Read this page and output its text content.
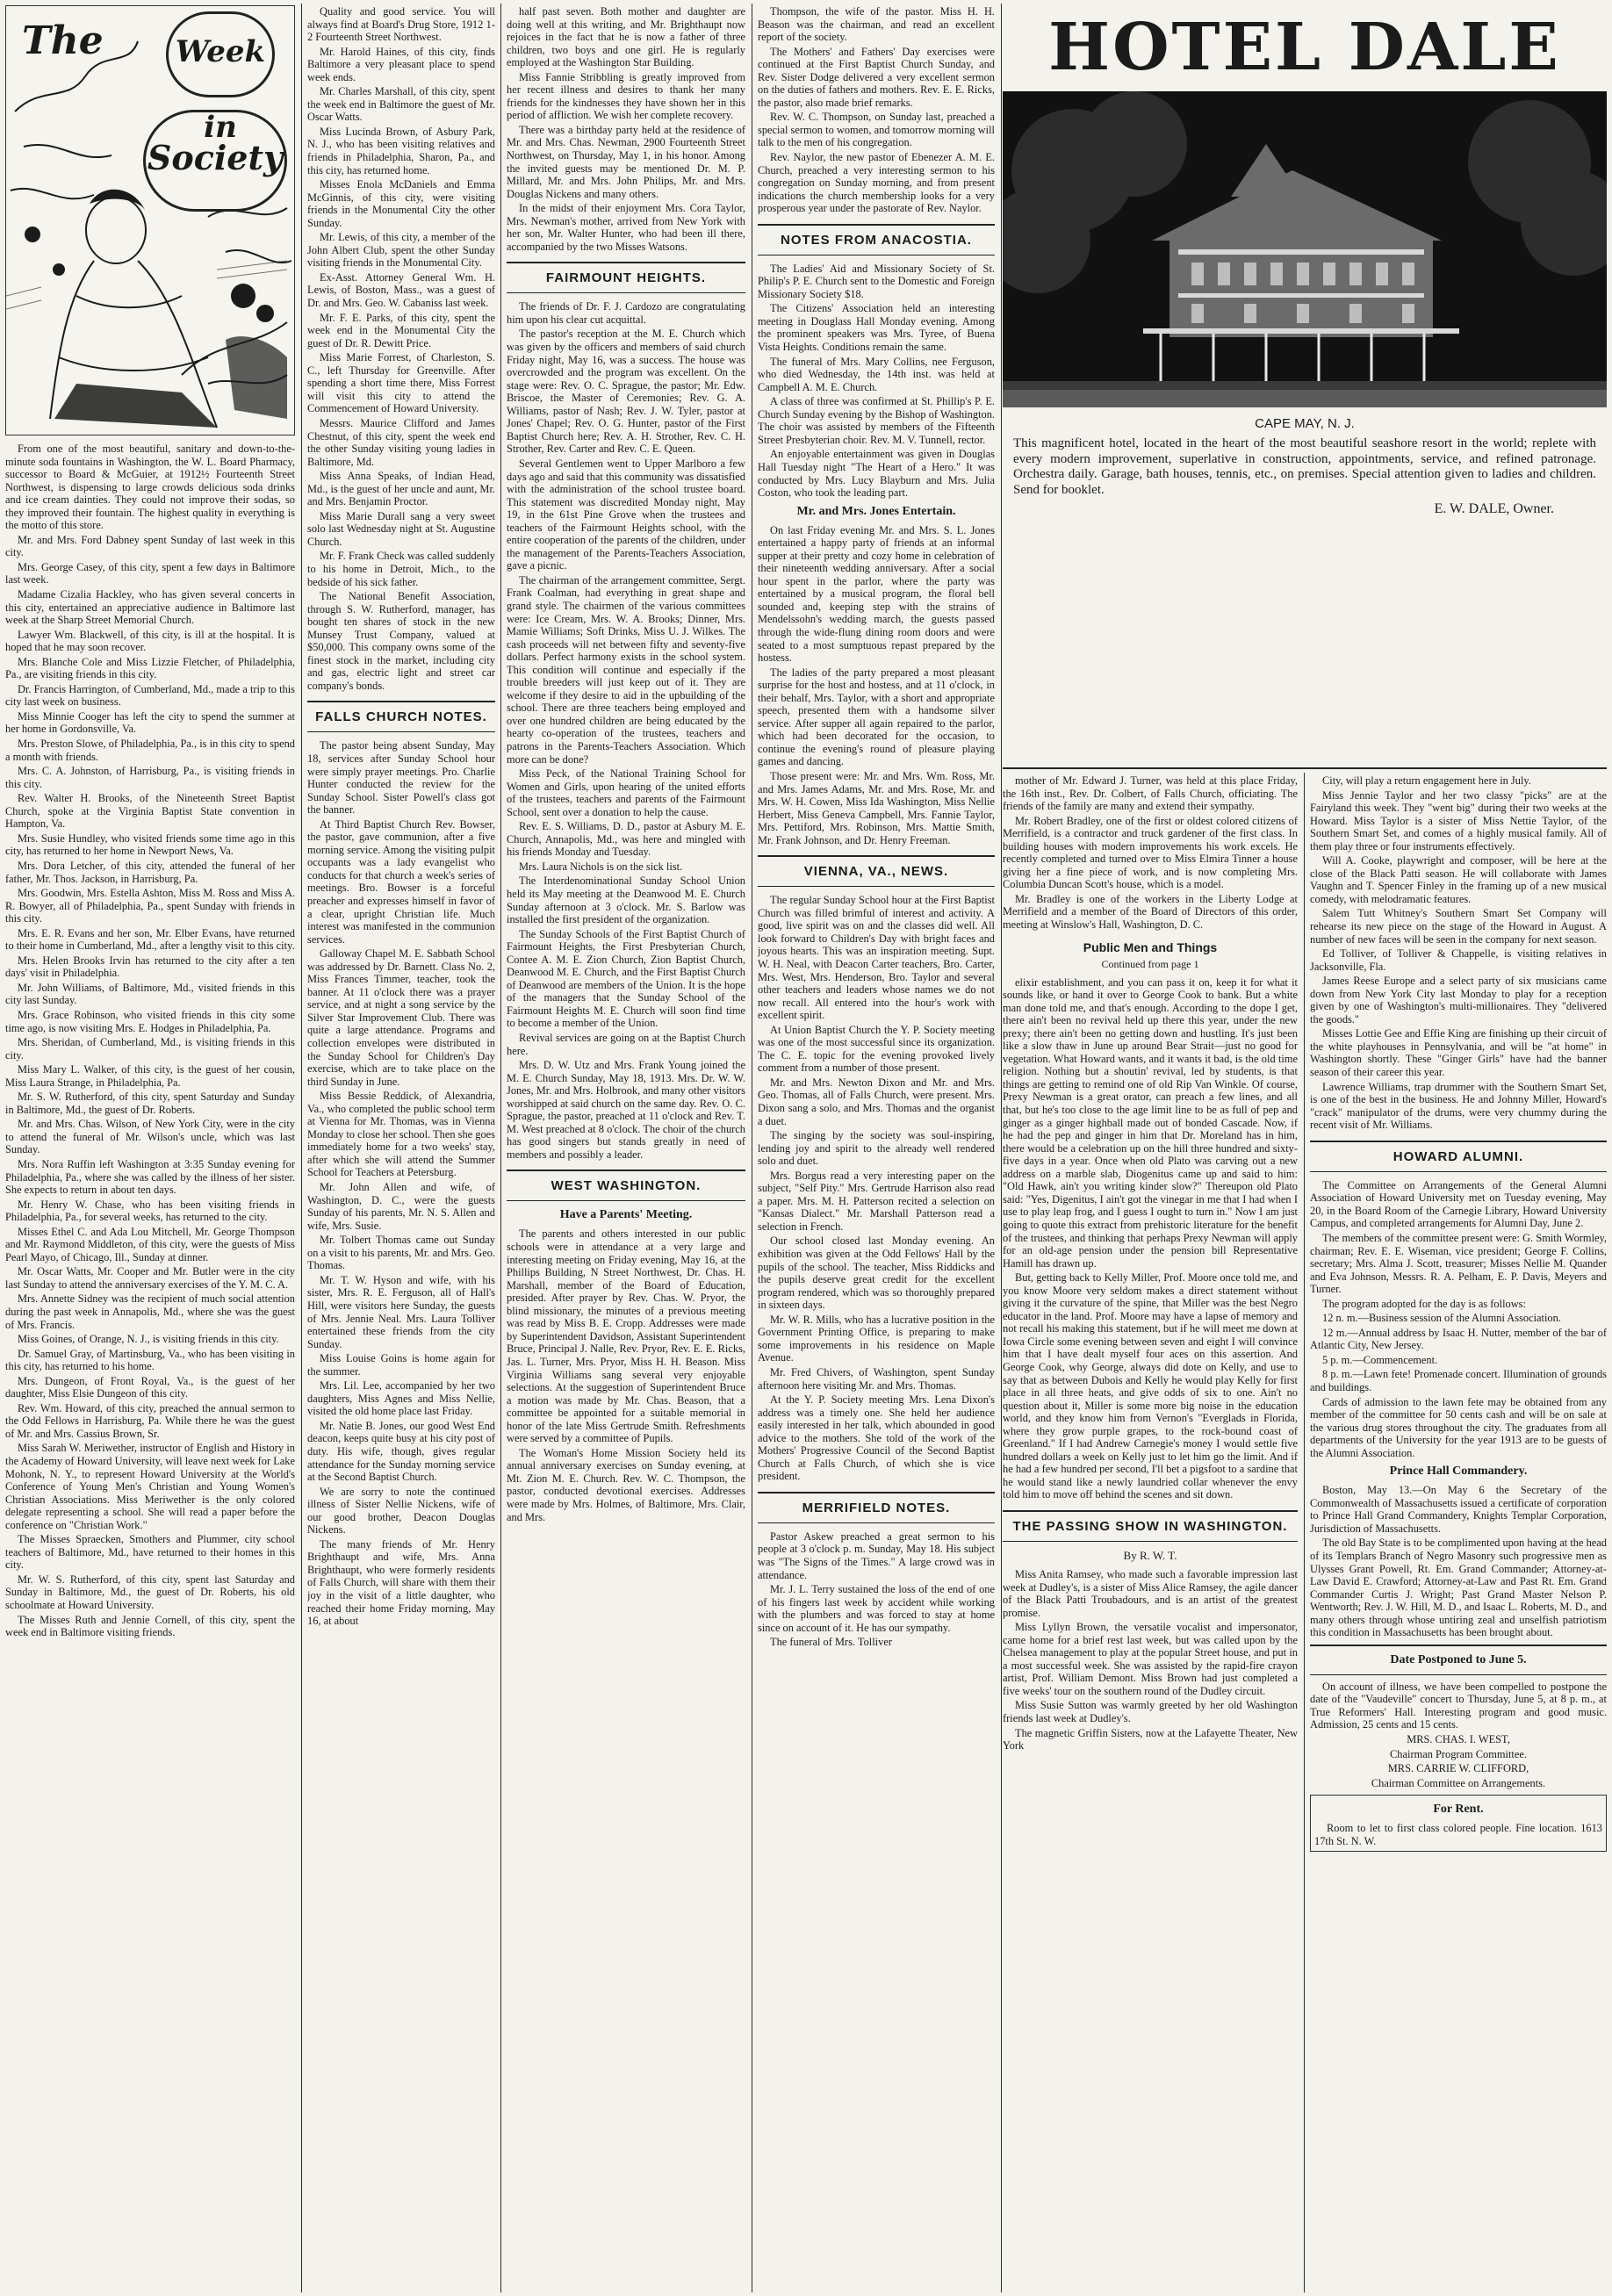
The	Week in
Society

From one of the most beautiful, sanitary and down-to-the-minute soda fountains in Washington, the W. L. Board Pharmacy, successor to Board & McGuier, at 1912½ Fourteenth Street Northwest, is dispensing to large crowds delicious soda drinks and ice cream dainties. They could not improve their sodas, so they improved their fountain. The highest quality in everything is the motto of this store.

Mr. and Mrs. Ford Dabney spent Sunday of last week in this city.

Mrs. George Casey, of this city, spent a few days in Baltimore last week.

Madame Cizalia Hackley, who has given several concerts in this city, entertained an appreciative audience in Baltimore last week at the Sharp Street Memorial Church.

Lawyer Wm. Blackwell, of this city, is ill at the hospital. It is hoped that he may soon recover.

Mrs. Blanche Cole and Miss Lizzie Fletcher, of Philadelphia, Pa., are visiting friends in this city.

Dr. Francis Harrington, of Cumberland, Md., made a trip to this city last week on business.

Miss Minnie Cooger has left the city to spend the summer at her home in Gordonsville, Va.

Mrs. Preston Slowe, of Philadelphia, Pa., is in this city to spend a month with friends.

Mrs. C. A. Johnston, of Harrisburg, Pa., is visiting friends in this city.

Rev. Walter H. Brooks, of the Nineteenth Street Baptist Church, spoke at the Virginia Baptist State convention in Hampton, Va.

Mrs. Susie Hundley, who visited friends some time ago in this city, has returned to her home in Newport News, Va.

Mrs. Dora Letcher, of this city, attended the funeral of her father, Mr. Thos. Jackson, in Harrisburg, Pa.

Mrs. Goodwin, Mrs. Estella Ashton, Miss M. Ross and Miss A. R. Bowyer, all of Philadelphia, Pa., spent Sunday with friends in this city.

Mrs. E. R. Evans and her son, Mr. Elber Evans, have returned to their home in Cumberland, Md., after a lengthy visit to this city.

Mrs. Helen Brooks Irvin has returned to the city after a ten days' visit in Philadelphia.

Mr. John Williams, of Baltimore, Md., visited friends in this city last Sunday.

Mrs. Grace Robinson, who visited friends in this city some time ago, is now visiting Mrs. E. Hodges in Philadelphia, Pa.

Mrs. Sheridan, of Cumberland, Md., is visiting friends in this city.

Miss Mary L. Walker, of this city, is the guest of her cousin, Miss Laura Strange, in Philadelphia, Pa.

Mr. S. W. Rutherford, of this city, spent Saturday and Sunday in Baltimore, Md., the guest of Dr. Roberts.

Mr. and Mrs. Chas. Wilson, of New York City, were in the city to attend the funeral of Mr. Wilson's uncle, which was last Sunday.

Mrs. Nora Ruffin left Washington at 3:35 Sunday evening for Philadelphia, Pa., where she was called by the illness of her sister. She expects to return in about ten days.

Mr. Henry W. Chase, who has been visiting friends in Philadelphia, Pa., for several weeks, has returned to the city.

Misses Ethel C. and Ada Lou Mitchell, Mr. George Thompson and Mr. Raymond Middleton, of this city, were the guests of Miss Pearl Mayo, of Chicago, Ill., Sunday at dinner.

Mr. Oscar Watts, Mr. Cooper and Mr. Butler were in the city last Sunday to attend the anniversary exercises of the Y. M. C. A.

Mrs. Annette Sidney was the recipient of much social attention during the past week in Annapolis, Md., where she was the guest of Mrs. Francis.

Miss Goines, of Orange, N. J., is visiting friends in this city.

Dr. Samuel Gray, of Martinsburg, Va., who has been visiting in this city, has returned to his home.

Mrs. Dungeon, of Front Royal, Va., is the guest of her daughter, Miss Elsie Dungeon of this city.

Rev. Wm. Howard, of this city, preached the annual sermon to the Odd Fellows in Harrisburg, Pa. While there he was the guest of Mr. and Mrs. Cassius Brown, Sr.

Miss Sarah W. Meriwether, instructor of English and History in the Academy of Howard University, will leave next week for Lake Mohonk, N. Y., to represent Howard University at the World's Conference of Young Men's Christian and Young Women's Christian Associations. Miss Meriwether is the only colored delegate representing a school. She will read a paper before the conference on "Christian Work."

The Misses Spraecken, Smothers and Plummer, city school teachers of Baltimore, Md., have returned to their homes in this city.

Mr. W. S. Rutherford, of this city, spent last Saturday and Sunday in Baltimore, Md., the guest of Dr. Roberts, his old schoolmate at Howard University.

The Misses Ruth and Jennie Cornell, of this city, spent the week end in Baltimore visiting friends.

Quality and good service. You will always find at Board's Drug Store, 1912 1-2 Fourteenth Street Northwest.

Mr. Harold Haines, of this city, finds Baltimore a very pleasant place to spend week ends.

Mr. Charles Marshall, of this city, spent the week end in Baltimore the guest of Mr. Oscar Watts.

Miss Lucinda Brown, of Asbury Park, N. J., who has been visiting relatives and friends in Philadelphia, Sharon, Pa., and this city, has returned home.

Misses Enola McDaniels and Emma McGinnis, of this city, were visiting friends in the Monumental City the other Sunday.

Mr. Lewis, of this city, a member of the John Albert Club, spent the other Sunday visiting friends in the Monumental City.

Ex-Asst. Attorney General Wm. H. Lewis, of Boston, Mass., was a guest of Dr. and Mrs. Geo. W. Cabaniss last week.

Mr. F. E. Parks, of this city, spent the week end in the Monumental City the guest of Dr. R. Dewitt Price.

Miss Marie Forrest, of Charleston, S. C., left Thursday for Greenville. After spending a short time there, Miss Forrest will visit this city to attend the Commencement of Howard University.

Messrs. Maurice Clifford and James Chestnut, of this city, spent the week end the other Sunday visiting young ladies in Baltimore, Md.

Miss Anna Speaks, of Indian Head, Md., is the guest of her uncle and aunt, Mr. and Mrs. Benjamin Proctor.

Miss Marie Durall sang a very sweet solo last Wednesday night at St. Augustine Church.

Mr. F. Frank Check was called suddenly to his home in Detroit, Mich., to the bedside of his sick father.

The National Benefit Association, through S. W. Rutherford, manager, has bought ten shares of stock in the new Munsey Trust Company, valued at $50,000. This company owns some of the finest stock in the market, including city and gas, electric light and street car company's bonds.

FALLS CHURCH NOTES.

The pastor being absent Sunday, May 18, services after Sunday School hour were simply prayer meetings. Pro. Charlie Hunter conducted the review for the Sunday School. Sister Powell's class got the banner.

At Third Baptist Church Rev. Bowser, the pastor, gave communion, after a five morning service. Among the visiting pulpit occupants was a lady evangelist who conducts for that church a week's series of meetings. Bro. Bowser is a forceful preacher and expresses himself in favor of a clear, upright Christian life. Much interest was manifested in the communion services.

Galloway Chapel M. E. Sabbath School was addressed by Dr. Barnett. Class No. 2, Miss Frances Timmer, teacher, took the banner. At 11 o'clock there was a prayer service, and at night a song service by the Silver Star Improvement Club. There was quite a large attendance. Programs and collection envelopes were distributed in the Sunday School for Children's Day exercise, which are to take place on the third Sunday in June.

Miss Bessie Reddick, of Alexandria, Va., who completed the public school term at Vienna for Mr. Thomas, was in Vienna Monday to close her school. Then she goes immediately home for a two weeks' stay, after which she will attend the Summer School for Teachers at Petersburg.

Mr. John Allen and wife, of Washington, D. C., were the guests Sunday of his parents, Mr. N. S. Allen and wife, Mrs. Susie.

Mr. Tolbert Thomas came out Sunday on a visit to his parents, Mr. and Mrs. Geo. Thomas.

Mr. T. W. Hyson and wife, with his sister, Mrs. R. E. Ferguson, all of Hall's Hill, were visitors here Sunday, the guests of Mrs. Jennie Neal. Mrs. Laura Tolliver entertained these friends from the city Sunday.

Miss Louise Goins is home again for the summer.

Mrs. Lil. Lee, accompanied by her two daughters, Miss Agnes and Miss Nellie, visited the old home place last Friday.

Mr. Natie B. Jones, our good West End deacon, keeps quite busy at his city post of duty. His wife, though, gives regular attendance for the Sunday morning service at the Second Baptist Church.

We are sorry to note the continued illness of Sister Nellie Nickens, wife of our good brother, Deacon Douglas Nickens.

The many friends of Mr. Henry Brighthaupt and wife, Mrs. Anna Brighthaupt, who were formerly residents of Falls Church, will share with them their joy in the visit of a little daughter, who reached their home Friday morning, May 16, at about

half past seven. Both mother and daughter are doing well at this writing, and Mr. Brighthaupt now rejoices in the fact that he is now a father of three children, two boys and one girl. He is regularly employed at the Washington Star Building.

Miss Fannie Stribbling is greatly improved from her recent illness and desires to thank her many friends for the kindnesses they have shown her in this period of affliction. We wish her complete recovery.

There was a birthday party held at the residence of Mr. and Mrs. Chas. Newman, 2900 Fourteenth Street Northwest, on Thursday, May 1, in his honor. Among the invited guests may be mentioned Dr. M. P. Millard, Mr. and Mrs. John Philips, Mr. and Mrs. Douglas Nickens and many others.

In the midst of their enjoyment Mrs. Cora Taylor, Mrs. Newman's mother, arrived from New York with her son, Mr. Walter Hunter, who had been ill there, accompanied by the two Misses Watsons.

FAIRMOUNT HEIGHTS.

The friends of Dr. F. J. Cardozo are congratulating him upon his clear cut acquittal.

The pastor's reception at the M. E. Church which was given by the officers and members of said church Friday night, May 16, was a success. The house was overcrowded and the program was excellent. On the stage were: Rev. O. C. Sprague, the pastor; Mr. Edw. Briscoe, the Master of Ceremonies; Rev. G. A. Williams, pastor of Nash; Rev. J. W. Tyler, pastor at Jones' Chapel; Rev. O. G. Hunter, pastor of the First Baptist Church here; Rev. A. H. Strother, Rev. C. H. Strother, Rev. Carter and Rev. C. E. Queen.

Several Gentlemen went to Upper Marlboro a few days ago and said that this community was dissatisfied with the administration of the school trustee board. This statement was discredited Monday night, May 19, in the 61st Pine Grove when the trustees and teachers of the Fairmount Heights school, with the entire cooperation of the parents of the children, under the management of the Parents-Teachers Association, gave a picnic.

The chairman of the arrangement committee, Sergt. Frank Coalman, had everything in great shape and grand style. The chairmen of the various committees were: Ice Cream, Mrs. W. A. Brooks; Dinner, Mrs. Mamie Williams; Soft Drinks, Miss U. J. Wilkes. The cash proceeds will net between fifty and seventy-five dollars. Perfect harmony exists in the school system. This condition will continue and especially if the trouble breeders will just keep out of it. They are welcome if they desire to aid in the upbuilding of the school. There are three teachers being employed and over one hundred children are being educated by the hearty co-operation of the trustees, teachers and patrons in the Parents-Teachers Association. Which more can be done?

Miss Peck, of the National Training School for Women and Girls, upon hearing of the united efforts of the trustees, teachers and parents of the Fairmount School, sent over a donation to help the cause.

Rev. E. S. Williams, D. D., pastor at Asbury M. E. Church, Annapolis, Md., was here and mingled with his friends Monday and Tuesday.

Mrs. Laura Nichols is on the sick list.

The Interdenominational Sunday School Union held its May meeting at the Deanwood M. E. Church Sunday afternoon at 3 o'clock. Mr. S. Barlow was installed the first president of the organization.

The Sunday Schools of the First Baptist Church of Fairmount Heights, the First Presbyterian Church, Contee A. M. E. Zion Church, Zion Baptist Church, Deanwood M. E. Church, and the First Baptist Church of Deanwood are members of the Union. It is the hope of the managers that the Sunday School of the Fairmount Heights M. E. Church will soon find time to become a member of the Union.

Revival services are going on at the Baptist Church here.

Mrs. D. W. Utz and Mrs. Frank Young joined the M. E. Church Sunday, May 18, 1913. Mrs. Dr. W. W. Jones, Mr. and Mrs. Holbrook, and many other visitors worshipped at said church on the same day. Rev. O. C. Sprague, the pastor, preached at 11 o'clock and Rev. T. M. West preached at 8 o'clock. The choir of the church has good singers but stands greatly in need of members and possibly a leader.

WEST WASHINGTON.
Have a Parents' Meeting.

The parents and others interested in our public schools were in attendance at a very large and interesting meeting on Friday evening, May 16, at the Phillips Building, N Street Northwest, Dr. Chas. H. Marshall, member of the Board of Education, presided. After prayer by Rev. Chas. W. Pryor, the blind missionary, the minutes of a previous meeting was read by Miss B. E. Cropp. Addresses were made by Superintendent Davidson, Assistant Superintendent Bruce, Principal J. Nalle, Rev. Pryor, Rev. E. E. Ricks, Jas. L. Turner, Mrs. Pryor, Miss H. H. Beason. Miss Virginia Williams sang several very enjoyable selections. At the suggestion of Superintendent Bruce a motion was made by Mr. Chas. Beason, that a committee be appointed for a suitable memorial in honor of the late Miss Gertrude Smith. Refreshments were served by a committee of Pupils.

The Woman's Home Mission Society held its annual anniversary exercises on Sunday evening, at Mt. Zion M. E. Church. Rev. W. C. Thompson, the pastor, conducted devotional exercises. Addresses were made by Mrs. Holmes, of Baltimore, Mrs. Clair, and Mrs.

Thompson, the wife of the pastor. Miss H. H. Beason was the chairman, and read an excellent report of the society.

The Mothers' and Fathers' Day exercises were continued at the First Baptist Church Sunday, and Rev. Sister Dodge delivered a very excellent sermon on the duties of fathers and mothers. Rev. E. E. Ricks, the pastor, also made brief remarks.

Rev. W. C. Thompson, on Sunday last, preached a special sermon to women, and tomorrow morning will talk to the men of his congregation.

Rev. Naylor, the new pastor of Ebenezer A. M. E. Church, preached a very interesting sermon to his congregation on Sunday morning, and from present indications the church membership looks for a very prosperous year under the pastorate of Rev. Naylor.

NOTES FROM ANACOSTIA.

The Ladies' Aid and Missionary Society of St. Philip's P. E. Church sent to the Domestic and Foreign Missionary Society $18.

The Citizens' Association held an interesting meeting in Douglass Hall Monday evening. Among the prominent speakers was Mrs. Tyree, of Buena Vista Heights. Conditions remain the same.

The funeral of Mrs. Mary Collins, nee Ferguson, who died Wednesday, the 14th inst. was held at Campbell A. M. E. Church.

A class of three was confirmed at St. Phillip's P. E. Church Sunday evening by the Bishop of Washington. The choir was assisted by members of the Fifteenth Street Presbyterian choir. Rev. M. V. Tunnell, rector.

An enjoyable entertainment was given in Douglas Hall Tuesday night "The Heart of a Hero." It was conducted by Mrs. Lucy Blayburn and Mrs. Julia Coston, who took the leading part.

Mr. and Mrs. Jones Entertain.

On last Friday evening Mr. and Mrs. S. L. Jones entertained a happy party of friends at an informal supper at their pretty and cozy home in celebration of their nineteenth wedding anniversary. After a social hour spent in the parlor, where the party was entertained by a musical program, the floral bell sounded and, keeping step with the strains of Mendelssohn's wedding march, the guests passed through the wide-flung dining room doors and were seated to a most sumptuous repast prepared by the hostess.

The ladies of the party prepared a most pleasant surprise for the host and hostess, and at 11 o'clock, in their behalf, Mrs. Taylor, with a short and appropriate speech, presented them with a handsome silver service. After supper all again repaired to the parlor, which had been decorated for the occasion, to continue the evening's round of pleasure playing games and dancing.

Those present were: Mr. and Mrs. Wm. Ross, Mr. and Mrs. James Adams, Mr. and Mrs. Rose, Mr. and Mrs. W. H. Cowen, Miss Ida Washington, Miss Nellie Herbert, Miss Geneva Campbell, Mrs. Fannie Taylor, Mrs. Pettiford, Mrs. Robinson, Mrs. Mattie Smith, Mr. Frank Johnson, and Dr. Henry Freeman.

VIENNA, VA., NEWS.

The regular Sunday School hour at the First Baptist Church was filled brimful of interest and activity. A good, live spirit was on and the classes did well. All look forward to Children's Day with bright faces and joyous hearts. This was an inspiration meeting. Supt. W. H. Neal, with Deacon Carter teachers, Bro. Carter, Mrs. West, Mrs. Henderson, Bro. Taylor and several other teachers and leaders whose names we do not now recall. All entered into the hour's work with excellent spirit.

At Union Baptist Church the Y. P. Society meeting was one of the most successful since its organization. The C. E. topic for the evening provoked lively comment from a number of those present.

Mr. and Mrs. Newton Dixon and Mr. and Mrs. Geo. Thomas, all of Falls Church, were present. Mrs. Dixon sang a solo, and Mrs. Thomas and the organist a duet.

The singing by the society was soul-inspiring, lending joy and spirit to the already well rendered solo and duet.

Mrs. Borgus read a very interesting paper on the subject, "Self Pity." Mrs. Gertrude Harrison also read a paper. Mrs. M. H. Patterson recited a selection on "Kansas Dialect." Mr. Marshall Patterson read a selection in French.

Our school closed last Monday evening. An exhibition was given at the Odd Fellows' Hall by the pupils of the school. The teacher, Miss Riddicks and the pupils deserve great credit for the excellent program rendered, which was so thoroughly prepared in sixteen days.

Mr. W. R. Mills, who has a lucrative position in the Government Printing Office, is preparing to make some improvements in his residence on Maple Avenue.

Mr. Fred Chivers, of Washington, spent Sunday afternoon here visiting Mr. and Mrs. Thomas.

At the Y. P. Society meeting Mrs. Lena Dixon's address was a timely one. She held her audience easily interested in her talk, which abounded in good advice to the mothers. She told of the work of the Mothers' Progressive Council of the Second Baptist Church at Falls Church, of which she is vice president.

MERRIFIELD NOTES.

Pastor Askew preached a great sermon to his people at 3 o'clock p. m. Sunday, May 18. His subject was "The Signs of the Times." A large crowd was in attendance.

Mr. J. L. Terry sustained the loss of the end of one of his fingers last week by accident while working with the plumbers and was forced to stay at home since on account of it. He has our sympathy.

The funeral of Mrs. Tolliver

HOTEL DALE
CAPE MAY, N. J.
This magnificent hotel, located in the heart of the most beautiful seashore resort in the world; replete with every modern improvement, superlative in construction, appointments, service, and refined patronage. Orchestra daily. Garage, bath houses, tennis, etc., on premises. Special attention given to ladies and children. Send for booklet.
E. W. DALE, Owner.

mother of Mr. Edward J. Turner, was held at this place Friday, the 16th inst., Rev. Dr. Colbert, of Falls Church, officiating. The friends of the family are many and extend their sympathy.

Mr. Robert Bradley, one of the first or oldest colored citizens of Merrifield, is a contractor and truck gardener of the first class. In building houses with modern improvements his work excels. He recently completed and turned over to Miss Elmira Tinner a house giving her a fine piece of work, and is now completing Mrs. Columbia Duncan Scott's house, which is a model.

Mr. Bradley is one of the workers in the Liberty Lodge at Merrifield and a member of the Board of Directors of this order, meeting at Winslow's Hall, Washington, D. C.

Public Men and Things
Continued from page 1

elixir establishment, and you can pass it on, keep it for what it sounds like, or hand it over to George Cook to bank. But a white man done told me, and that's enough. According to the dope I get, there ain't been no revival held up there this year, under the new prexy; there ain't been no getting down and hustling. It's just been like a slow thaw in June up around Bear Strait—just no good for vegetation. What Howard wants, and it wants it bad, is the old time religion. Nothing but a shoutin' revival, led by students, is that things are getting to remind one of old Rip Van Winkle. Of course, Prexy Newman is a great orator, can preach a few lines, and all that, but he's too close to the age limit line to be as full of pep and ginger as a ginger highball made out of bonded Cascade. Now, if he had the pep and ginger in him that Dr. Moreland has in him, there would be a celebration up on the hill three hundred and sixty-five days in a year. Once when old Plato was carving out a new address on a marble slab, Diogenitus came up and said to him: "Old Hawk, ain't you writing kinder slow?" Thereupon old Plato said: "Yes, Digenitus, I ain't got the vinegar in me that I had when I use to play leap frog, and I guess I ought to turn in." Now I am just going to quote this extract from prehistoric literature for the benefit of the trustees, and thinking that perhaps Prexy Newman will apply for an old-age pension under the pension bill Representative Hamill has drawn up.

But, getting back to Kelly Miller, Prof. Moore once told me, and you know Moore very seldom makes a direct statement without giving it the curvature of the spine, that Miller was the best Negro educator in the land. Prof. Moore may have a lapse of memory and not recall his making this statement, but if he will meet me down at Iowa Circle some evening between seven and eight I will convince him that I have dealt myself four aces on this assertion. And George Cook, why George, always did dote on Kelly, and use to say that as between Dubois and Kelly he would play Kelly for first place in all three heats, and give odds of six to one. Ain't no question about it, Miller is some more big noise in the education world, and they know him from Vernon's "Everglads in Florida, where they grow purple grapes, to the rock-bound coast of Greenland." If I had Andrew Carnegie's money I would settle five hundred dollars a week on Kelly just to let him go the limit. And if he had a few hundred per second, I'll bet a pigsfoot to a sardine that he would stand like a newly laundried collar whenever the envy told him to move off behind the scenes and sit down.

THE PASSING SHOW IN WASHINGTON.
By R. W. T.

Miss Anita Ramsey, who made such a favorable impression last week at Dudley's, is a sister of Miss Alice Ramsey, the agile dancer of the Black Patti Troubadours, and is an artist of the greatest promise.

Miss Lyllyn Brown, the versatile vocalist and impersonator, came home for a brief rest last week, but was called upon by the Chelsea management to play at the popular Street house, and put in a most successful week. She was assisted by the rapid-fire crayon artist, Prof. William Demont. Miss Brown had just completed a five weeks' tour on the southern round of the Dudley circuit.

Miss Susie Sutton was warmly greeted by her old Washington friends last week at Dudley's.

The magnetic Griffin Sisters, now at the Lafayette Theater, New York

City, will play a return engagement here in July.

Miss Jennie Taylor and her two classy "picks" are at the Fairyland this week. They "went big" during their two weeks at the Howard. Miss Taylor is a sister of Miss Nettie Taylor, of the Southern Smart Set, and comes of a highly musical family. All of them play three or four instruments effectively.

Will A. Cooke, playwright and composer, will be here at the close of the Black Patti season. He will collaborate with James Vaughn and T. Spencer Finley in the framing up of a new musical comedy, with melodramatic features.

Salem Tutt Whitney's Southern Smart Set Company will rehearse its new piece on the stage of the Howard in August. A number of new faces will be seen in the company for next season.

Ed Tolliver, of Tolliver & Chappelle, is visiting relatives in Jacksonville, Fla.

James Reese Europe and a select party of six musicians came down from New York City last Monday to play for a reception given by one of Washington's multi-millionaires. They "delivered the goods."

Misses Lottie Gee and Effie King are finishing up their circuit of the white playhouses in Pennsylvania, and will be "at home" in Washington shortly. These "Ginger Girls" have had the banner season of their career this year.

Lawrence Williams, trap drummer with the Southern Smart Set, is one of the best in the business. He and Johnny Miller, Howard's "crack" manipulator of the drums, were very chummy during the recent visit of Mr. Williams.

HOWARD ALUMNI.

The Committee on Arrangements of the General Alumni Association of Howard University met on Tuesday evening, May 20, in the Board Room of the Carnegie Library, Howard University Campus, and completed arrangements for Alumni Day, June 2.

The members of the committee present were: G. Smith Wormley, chairman; Rev. E. E. Wiseman, vice president; George F. Collins, secretary; Mrs. Alma J. Scott, treasurer; Misses Nellie M. Quander and Eva Johnson, Messrs. R. A. Pelham, E. P. Davis, Meyers and Turner.

The program adopted for the day is as follows:

12 n. m.—Business session of the Alumni Association.

12 m.—Annual address by Isaac H. Nutter, member of the bar of Atlantic City, New Jersey.

5 p. m.—Commencement.

8 p. m.—Lawn fete! Promenade concert. Illumination of grounds and buildings.

Cards of admission to the lawn fete may be obtained from any member of the committee for 50 cents cash and will be on sale at the various drug stores throughout the city. The graduates from all departments of the University for the year 1913 are to be guests of the Alumni Association.

Prince Hall Commandery.

Boston, May 13.—On May 6 the Secretary of the Commonwealth of Massachusetts issued a certificate of corporation to Prince Hall Grand Commandery, Knights Templar Corporation, Jurisdiction of Massachusetts.

The old Bay State is to be complimented upon having at the head of its Templars Branch of Negro Masonry such progressive men as Ulysses Grant Powell, Rt. Em. Grand Commander; Attorney-at-Law David E. Crawford; Attorney-at-Law and Past Rt. Em. Grand Commander Curtis J. Wright; Past Grand Master Nelson P. Wentworth; Rev. J. W. Hill, M. D., and Isaac L. Roberts, M. D., and many others through whose untiring zeal and unselfish patriotism this condition in Massachusetts has been brought about.

Date Postponed to June 5.

On account of illness, we have been compelled to postpone the date of the "Vaudeville" concert to Thursday, June 5, at 8 p. m., at True Reformers' Hall. Interesting program and good music. Admission, 25 cents and 15 cents.

MRS. CHAS. I. WEST,

Chairman Program Committee.

MRS. CARRIE W. CLIFFORD,

Chairman Committee on Arrangements.

For Rent.

Room to let to first class colored people. Fine location. 1613 17th St. N. W.
